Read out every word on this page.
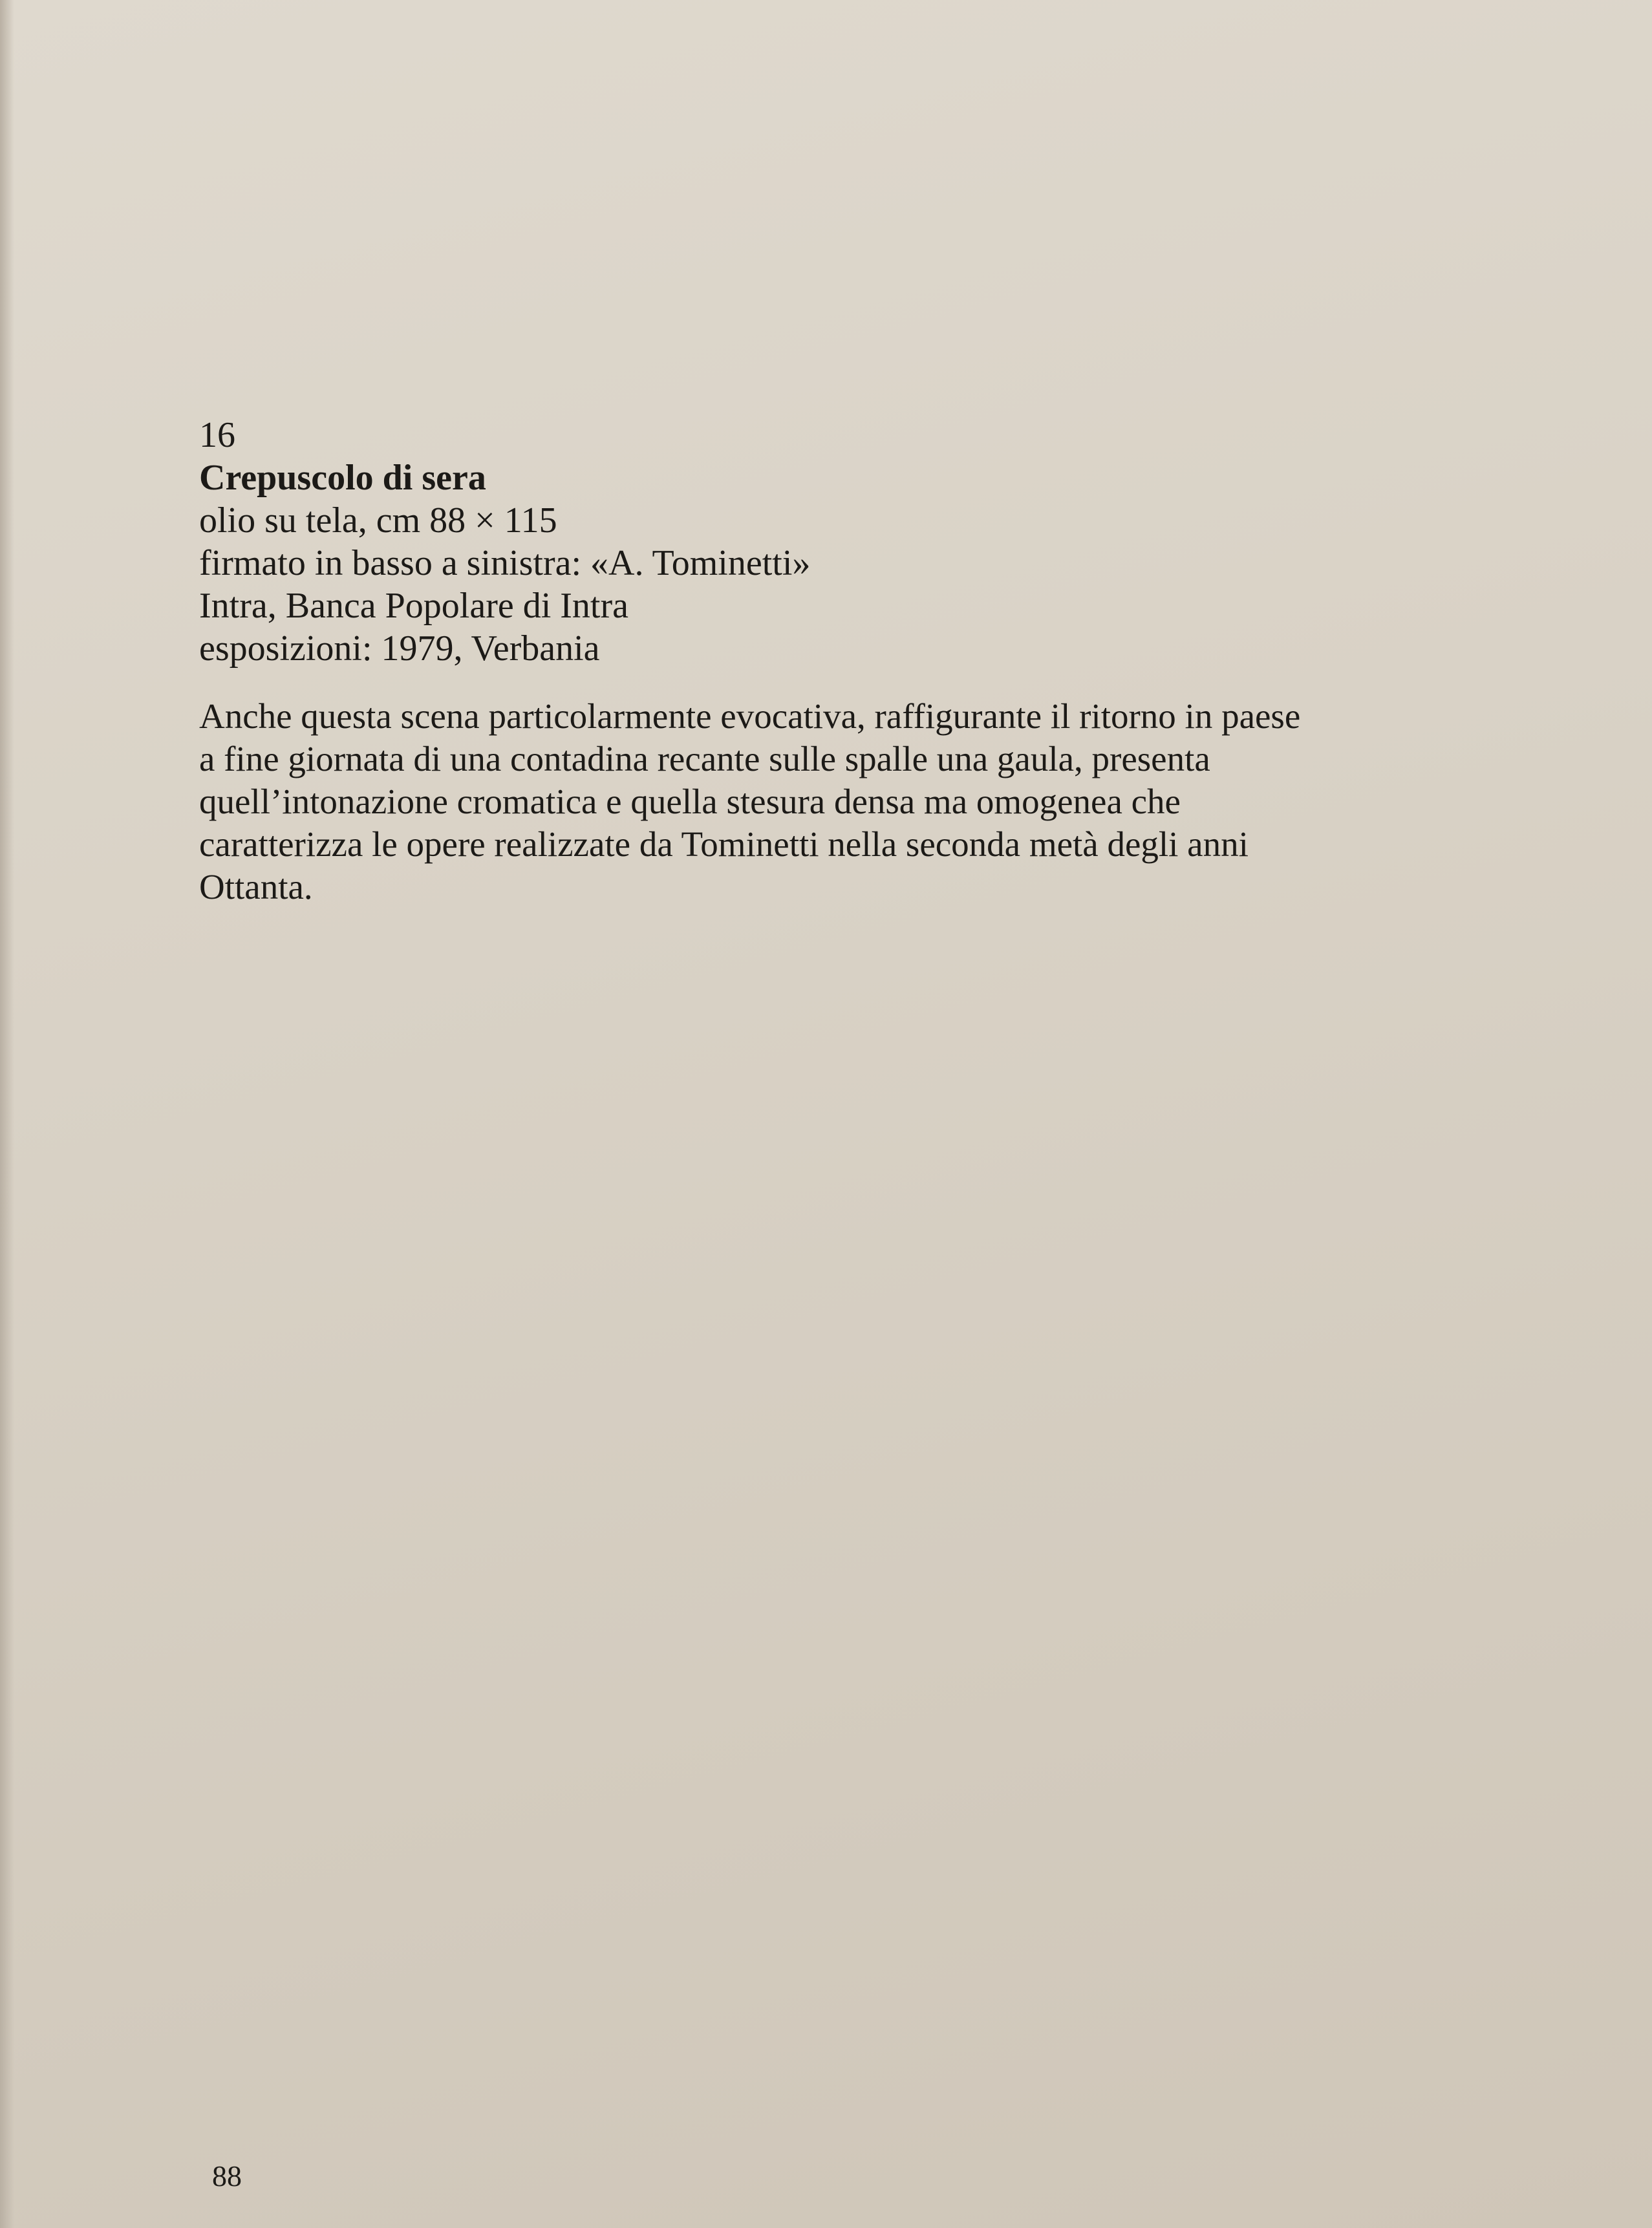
16

Crepuscolo di sera

olio su tela, cm 88 × 115

firmato in basso a sinistra: «A. Tominetti»

Intra, Banca Popolare di Intra

esposizioni: 1979, Verbania

Anche questa scena particolarmente evocativa, raffigurante il ritorno in paese

a fine giornata di una contadina recante sulle spalle una gaula, presenta

quell’intonazione cromatica e quella stesura densa ma omogenea che

caratterizza le opere realizzate da Tominetti nella seconda metà degli anni

Ottanta.

88
